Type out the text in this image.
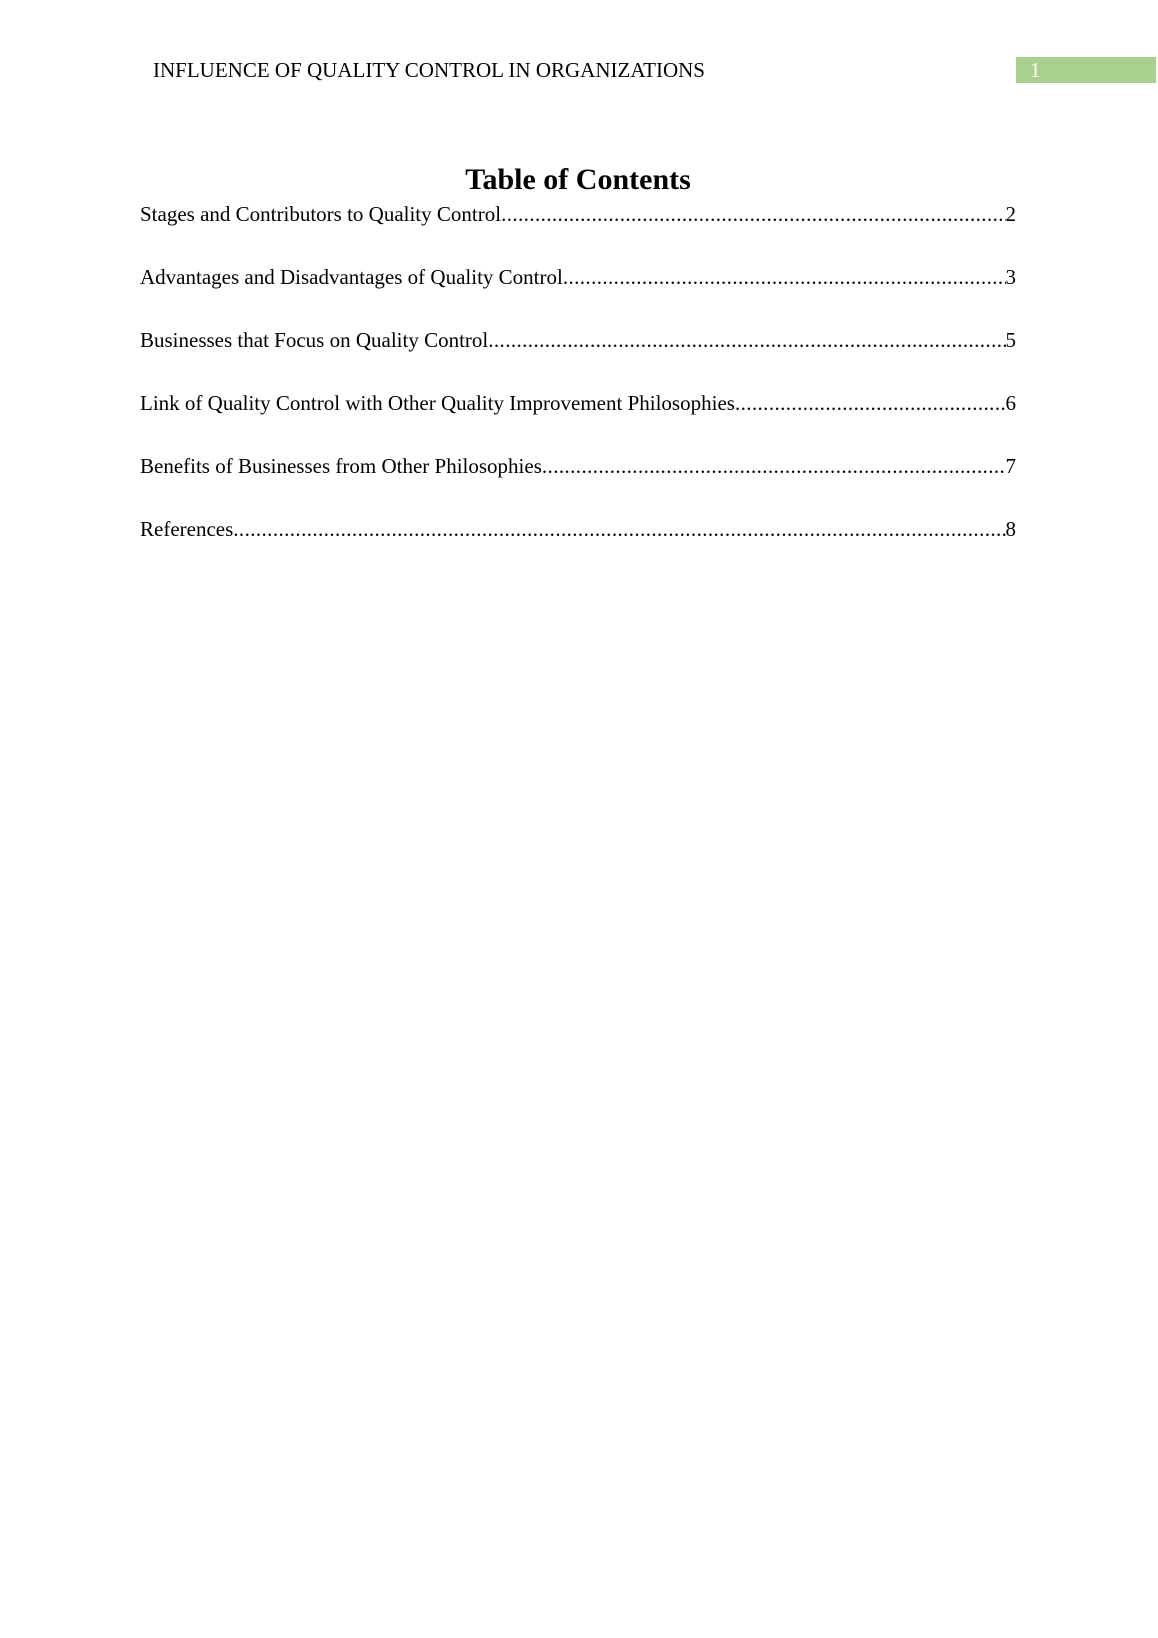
INFLUENCE OF QUALITY CONTROL IN ORGANIZATIONS	1
Table of Contents
Stages and Contributors to Quality Control .....	2
Advantages and Disadvantages of Quality Control .....	3
Businesses that Focus on Quality Control .....	5
Link of Quality Control with Other Quality Improvement Philosophies .....	6
Benefits of Businesses from Other Philosophies .....	7
References .....	8
